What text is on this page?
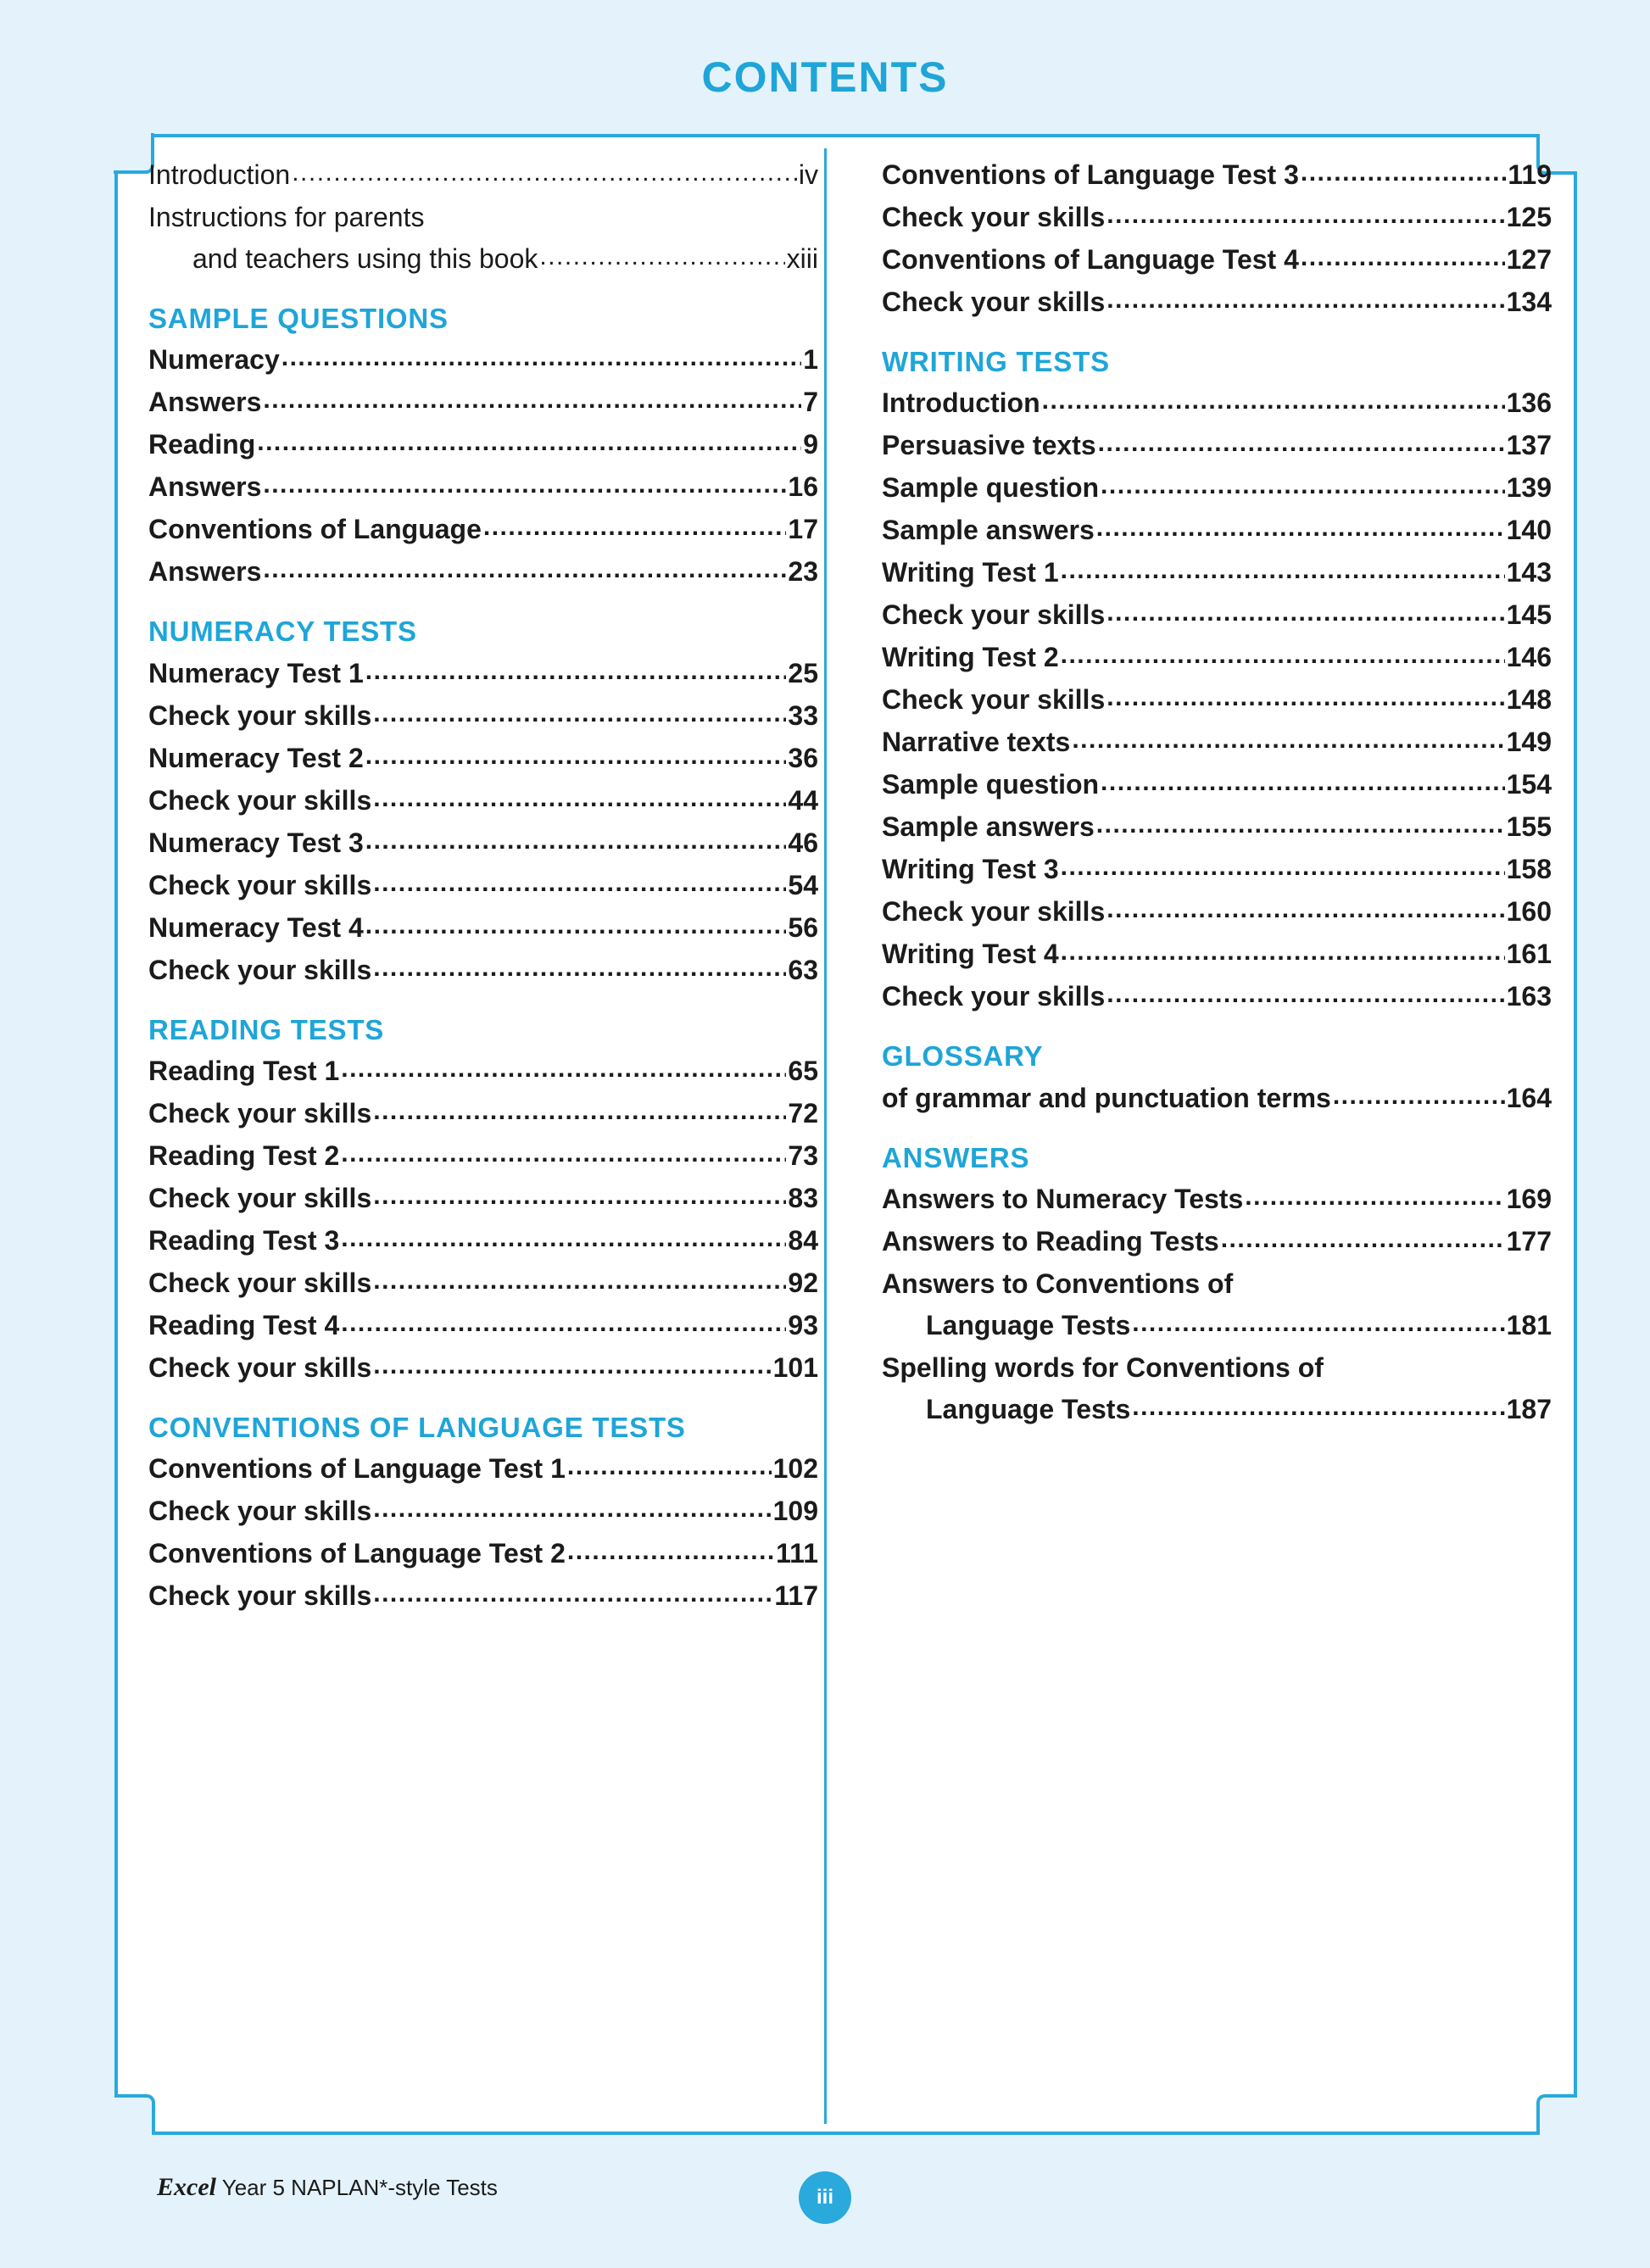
CONTENTS
Introduction .....	iv
Instructions for parents
and teachers using this book .....	xiii
SAMPLE QUESTIONS
Numeracy .....	1
Answers .....	7
Reading .....	9
Answers .....	16
Conventions of Language .....	17
Answers .....	23
NUMERACY TESTS
Numeracy Test 1 .....	25
Check your skills .....	33
Numeracy Test 2 .....	36
Check your skills .....	44
Numeracy Test 3 .....	46
Check your skills .....	54
Numeracy Test 4 .....	56
Check your skills .....	63
READING TESTS
Reading Test 1 .....	65
Check your skills .....	72
Reading Test 2 .....	73
Check your skills .....	83
Reading Test 3 .....	84
Check your skills .....	92
Reading Test 4 .....	93
Check your skills .....	101
CONVENTIONS OF LANGUAGE TESTS
Conventions of Language Test 1 .....	102
Check your skills .....	109
Conventions of Language Test 2 .....	111
Check your skills .....	117
Conventions of Language Test 3 .....	119
Check your skills .....	125
Conventions of Language Test 4 .....	127
Check your skills .....	134
WRITING TESTS
Introduction .....	136
Persuasive texts .....	137
Sample question .....	139
Sample answers .....	140
Writing Test 1 .....	143
Check your skills .....	145
Writing Test 2 .....	146
Check your skills .....	148
Narrative texts .....	149
Sample question .....	154
Sample answers .....	155
Writing Test 3 .....	158
Check your skills .....	160
Writing Test 4 .....	161
Check your skills .....	163
GLOSSARY
of grammar and punctuation terms .....	164
ANSWERS
Answers to Numeracy Tests .....	169
Answers to Reading Tests .....	177
Answers to Conventions of
Language Tests .....	181
Spelling words for Conventions of
Language Tests .....	187
Excel Year 5 NAPLAN*-style Tests	iii
